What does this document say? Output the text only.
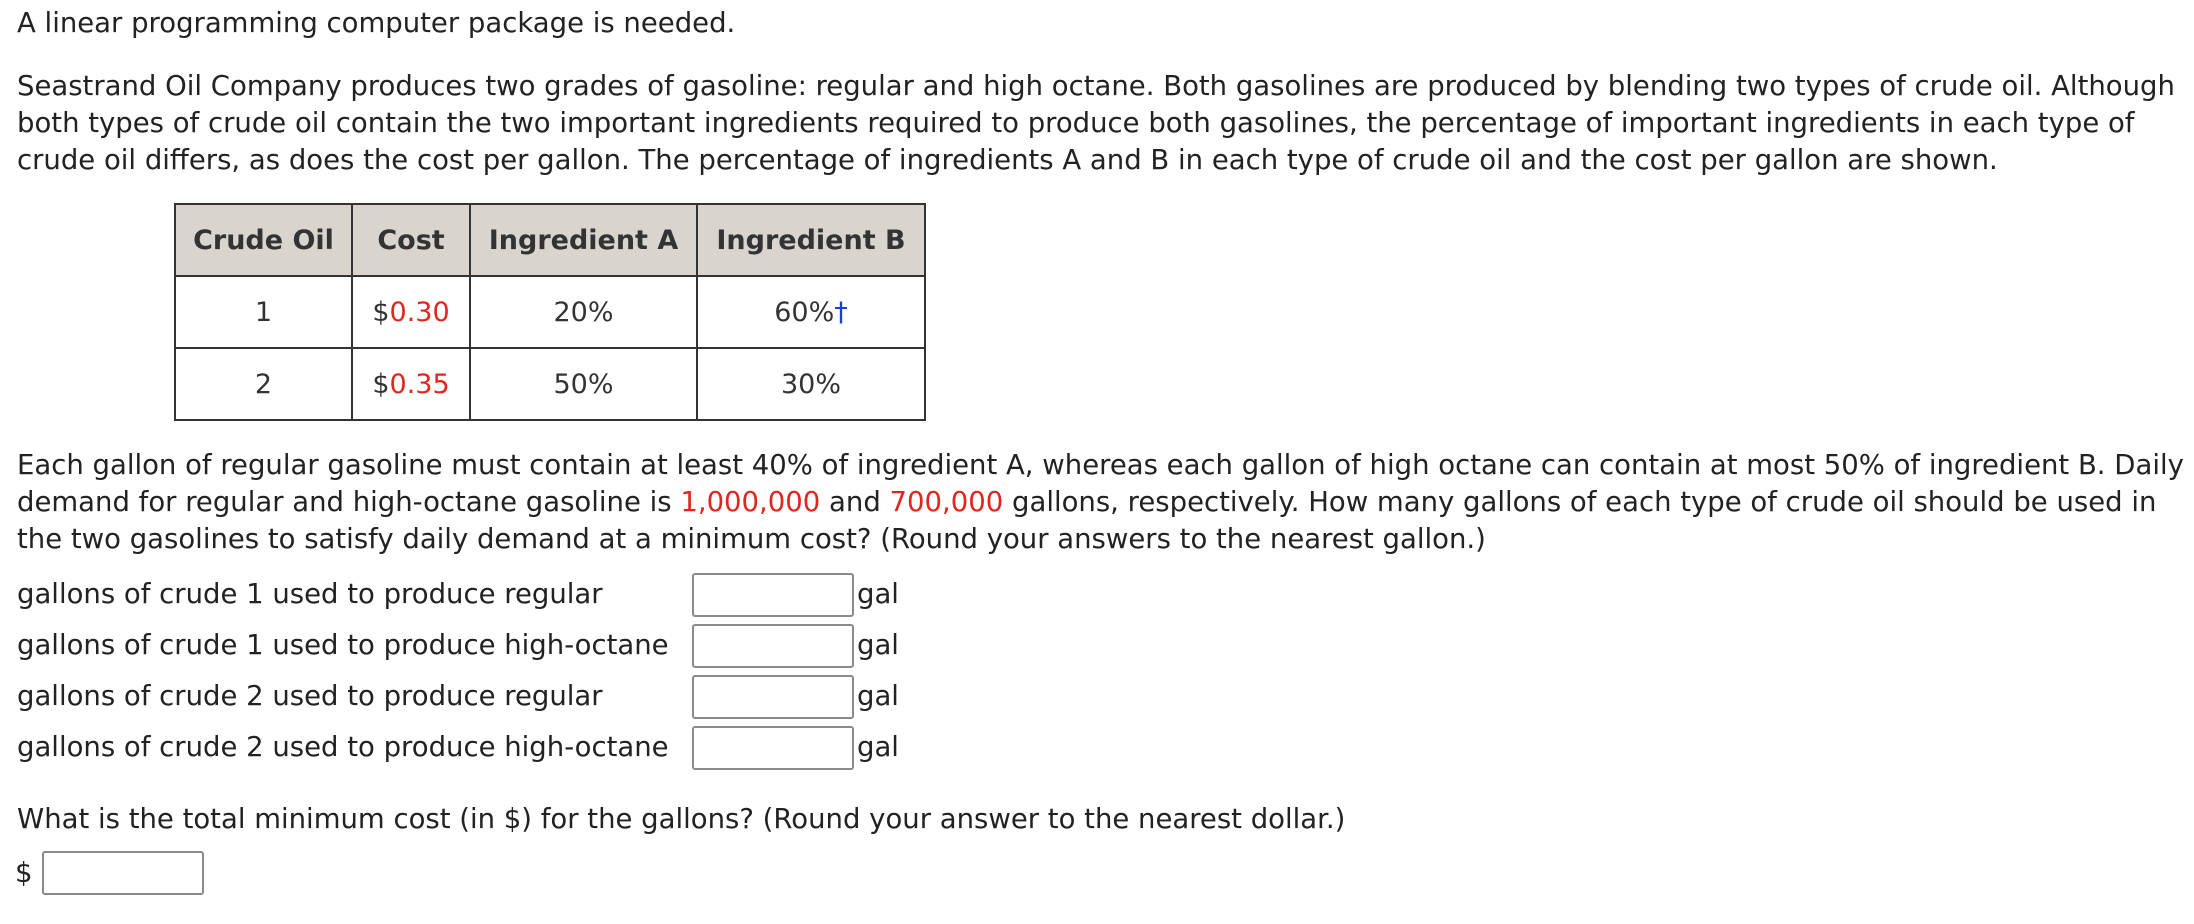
A linear programming computer package is needed.

Seastrand Oil Company produces two grades of gasoline: regular and high octane. Both gasolines are produced by blending two types of crude oil. Although both types of crude oil contain the two important ingredients required to produce both gasolines, the percentage of important ingredients in each type of crude oil differs, as does the cost per gallon. The percentage of ingredients A and B in each type of crude oil and the cost per gallon are shown.

Crude Oil	Cost	Ingredient A	Ingredient B
1	$0.30	20%	60%†
2	$0.35	50%	30%

Each gallon of regular gasoline must contain at least 40% of ingredient A, whereas each gallon of high octane can contain at most 50% of ingredient B. Daily demand for regular and high-octane gasoline is 1,000,000 and 700,000 gallons, respectively. How many gallons of each type of crude oil should be used in the two gasolines to satisfy daily demand at a minimum cost? (Round your answers to the nearest gallon.)

gallons of crude 1 used to produce regular	gal
gallons of crude 1 used to produce high-octane	gal
gallons of crude 2 used to produce regular	gal
gallons of crude 2 used to produce high-octane	gal

What is the total minimum cost (in $) for the gallons? (Round your answer to the nearest dollar.)

$
